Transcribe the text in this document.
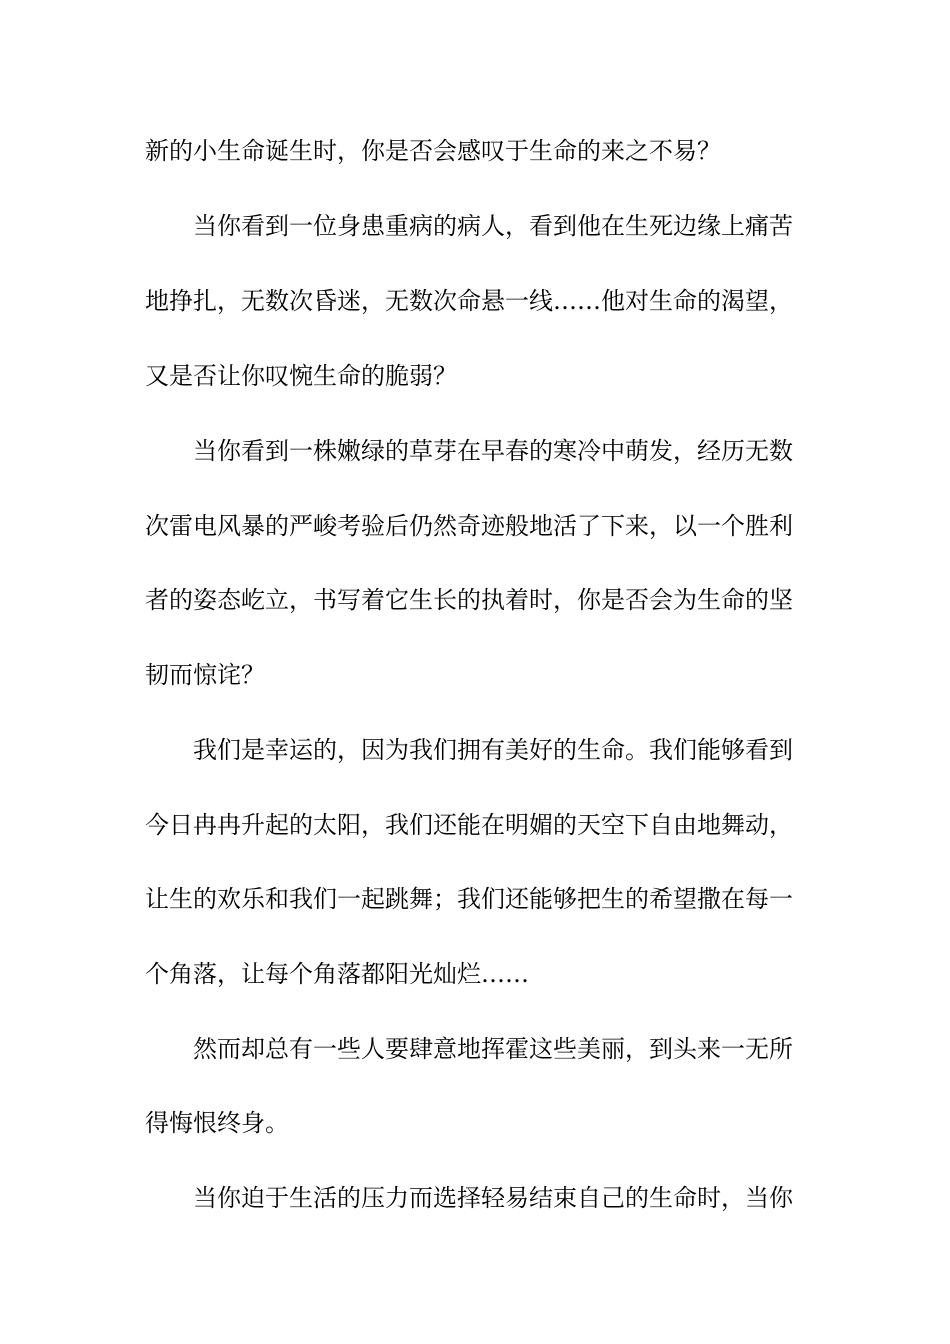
新的小生命诞生时，你是否会感叹于生命的来之不易？
当你看到一位身患重病的病人，看到他在生死边缘上痛苦
地挣扎，无数次昏迷，无数次命悬一线……他对生命的渴望，
又是否让你叹惋生命的脆弱？
当你看到一株嫩绿的草芽在早春的寒冷中萌发，经历无数
次雷电风暴的严峻考验后仍然奇迹般地活了下来，以一个胜利
者的姿态屹立，书写着它生长的执着时，你是否会为生命的坚
韧而惊诧？
我们是幸运的，因为我们拥有美好的生命。我们能够看到
今日冉冉升起的太阳，我们还能在明媚的天空下自由地舞动，
让生的欢乐和我们一起跳舞；我们还能够把生的希望撒在每一
个角落，让每个角落都阳光灿烂……
然而却总有一些人要肆意地挥霍这些美丽，到头来一无所
得悔恨终身。
当你迫于生活的压力而选择轻易结束自己的生命时，当你
